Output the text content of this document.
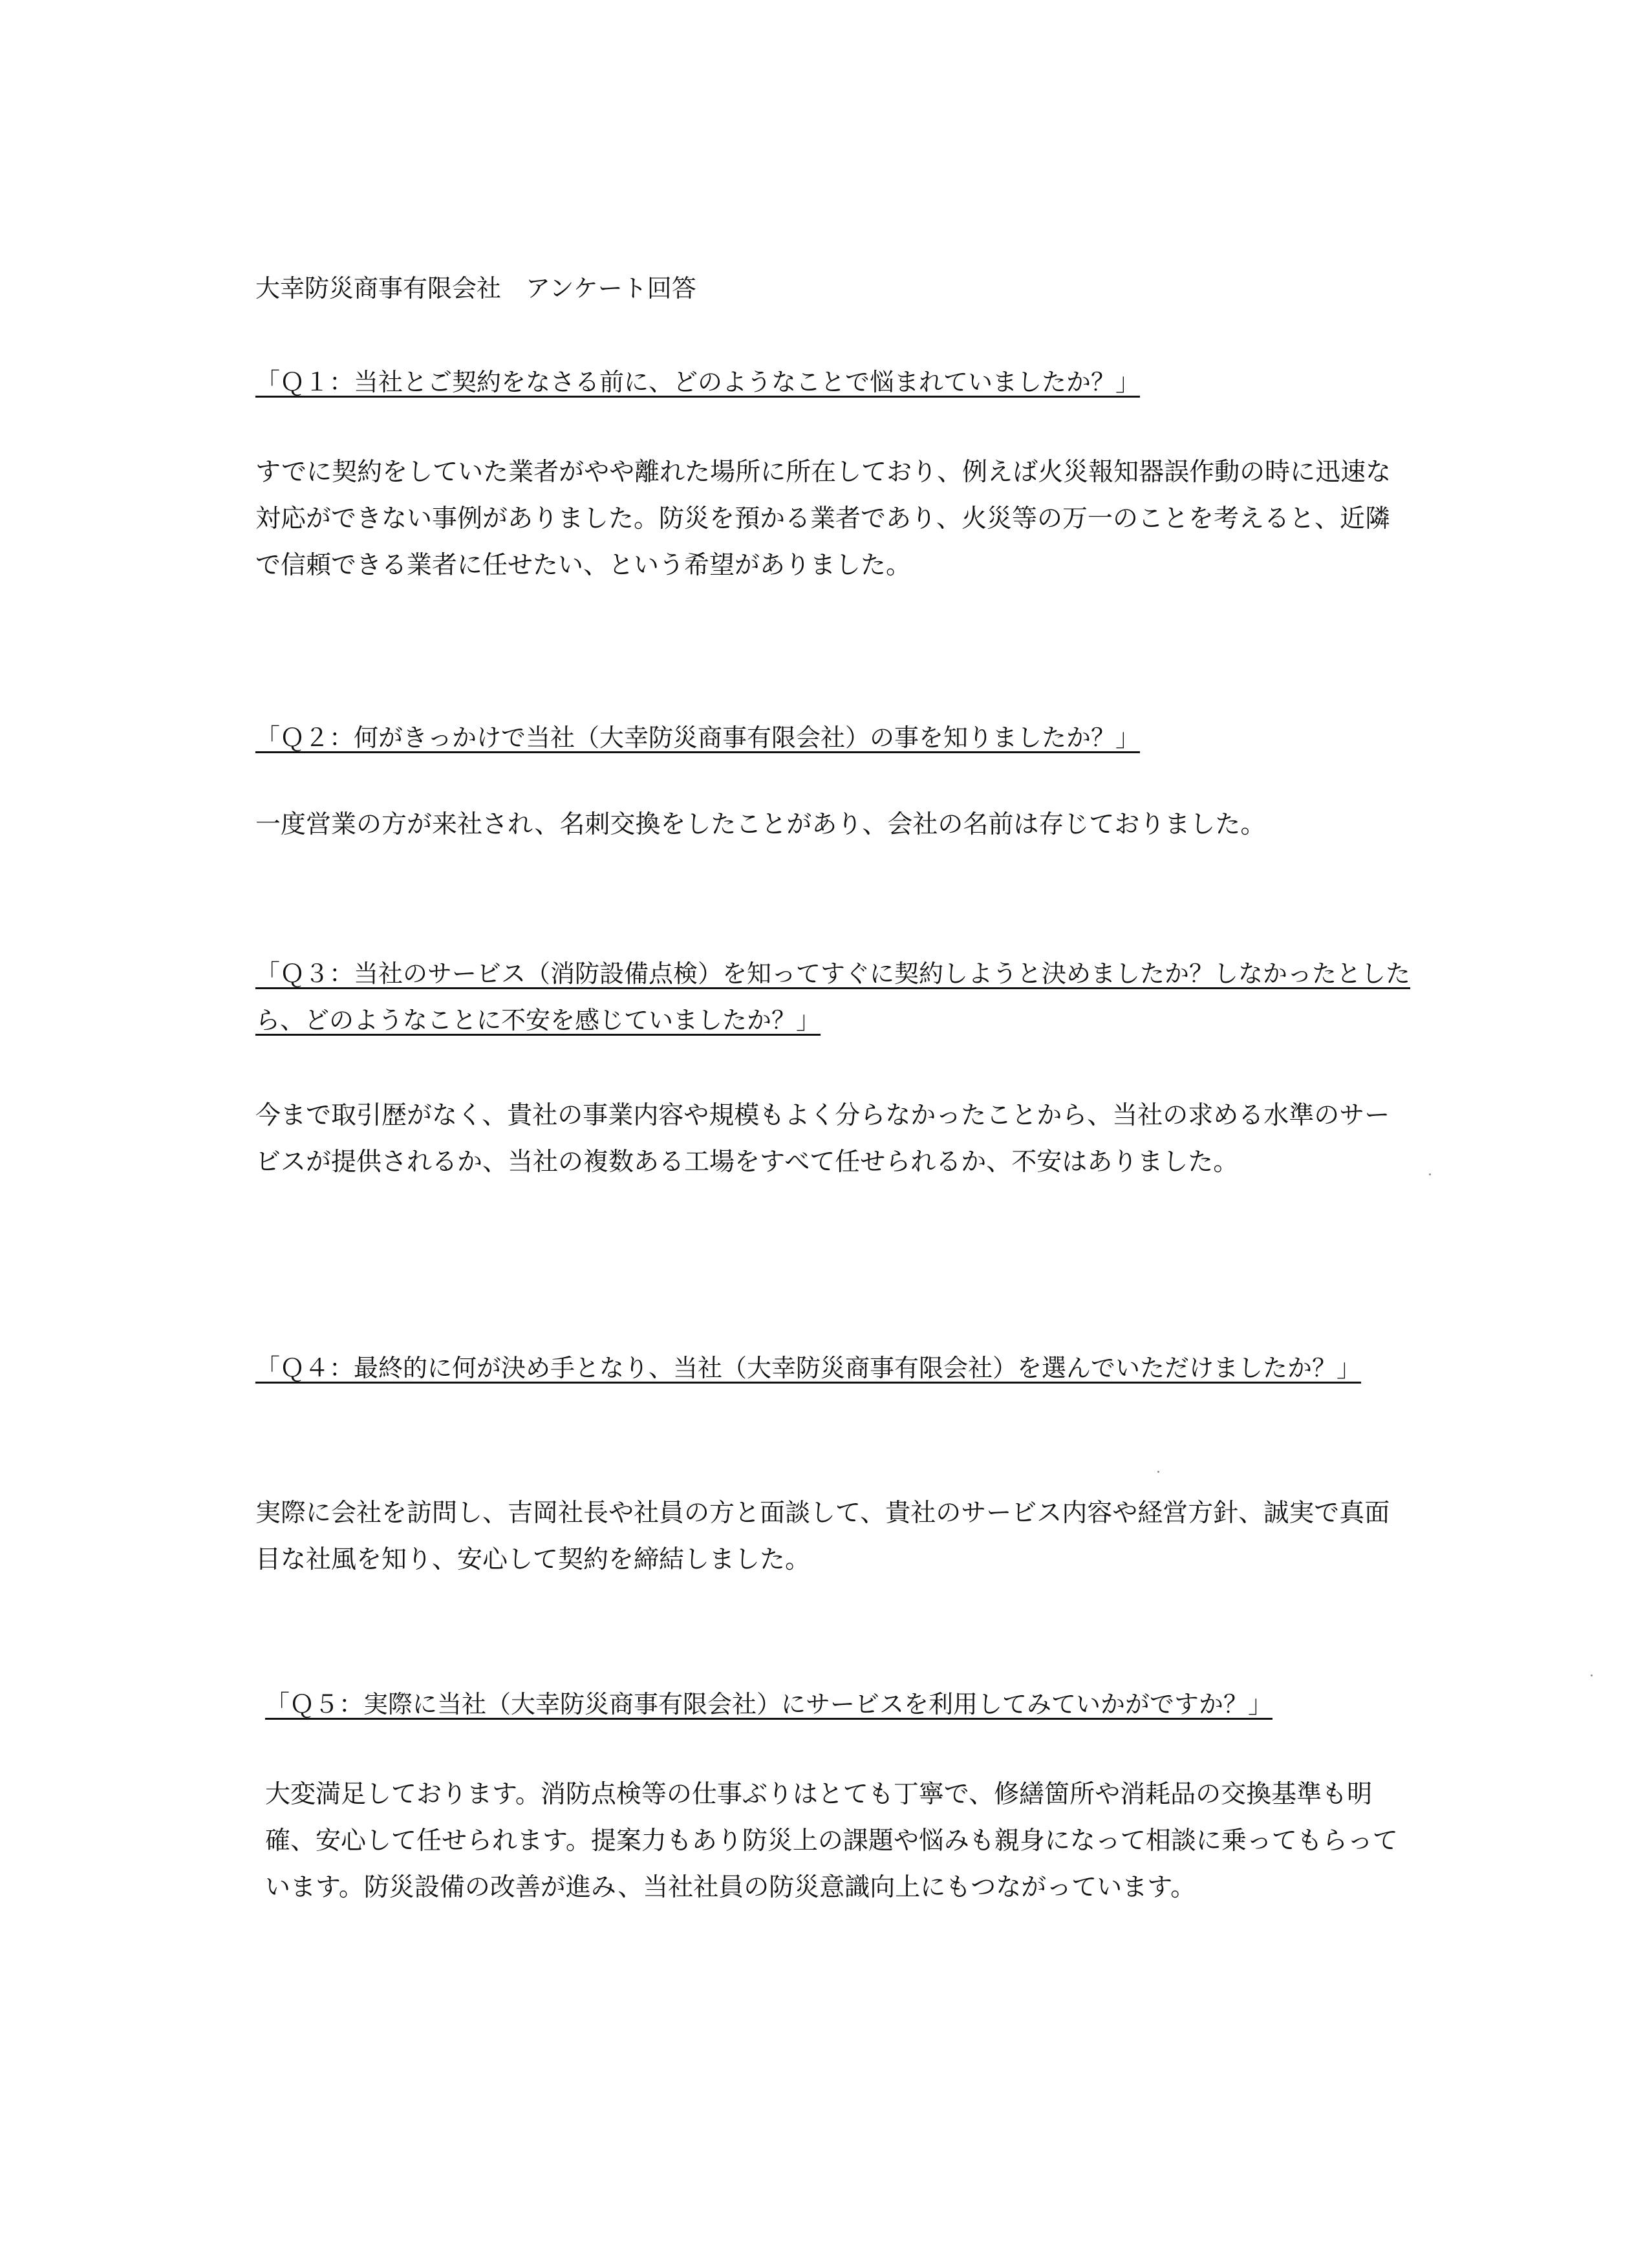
大幸防災商事有限会社　アンケート回答

「Ｑ１：当社とご契約をなさる前に、どのようなことで悩まれていましたか？」

すでに契約をしていた業者がやや離れた場所に所在しており、例えば火災報知器誤作動の時に迅速な対応ができない事例がありました。防災を預かる業者であり、火災等の万一のことを考えると、近隣で信頼できる業者に任せたい、という希望がありました。

「Ｑ２：何がきっかけで当社（大幸防災商事有限会社）の事を知りましたか？」

一度営業の方が来社され、名刺交換をしたことがあり、会社の名前は存じておりました。

「Ｑ３：当社のサービス（消防設備点検）を知ってすぐに契約しようと決めましたか？しなかったとしたら、どのようなことに不安を感じていましたか？」

今まで取引歴がなく、貴社の事業内容や規模もよく分らなかったことから、当社の求める水準のサービスが提供されるか、当社の複数ある工場をすべて任せられるか、不安はありました。

「Ｑ４：最終的に何が決め手となり、当社（大幸防災商事有限会社）を選んでいただけましたか？」

実際に会社を訪問し、吉岡社長や社員の方と面談して、貴社のサービス内容や経営方針、誠実で真面目な社風を知り、安心して契約を締結しました。

「Ｑ５：実際に当社（大幸防災商事有限会社）にサービスを利用してみていかがですか？」

大変満足しております。消防点検等の仕事ぶりはとても丁寧で、修繕箇所や消耗品の交換基準も明確、安心して任せられます。提案力もあり防災上の課題や悩みも親身になって相談に乗ってもらっています。防災設備の改善が進み、当社社員の防災意識向上にもつながっています。
